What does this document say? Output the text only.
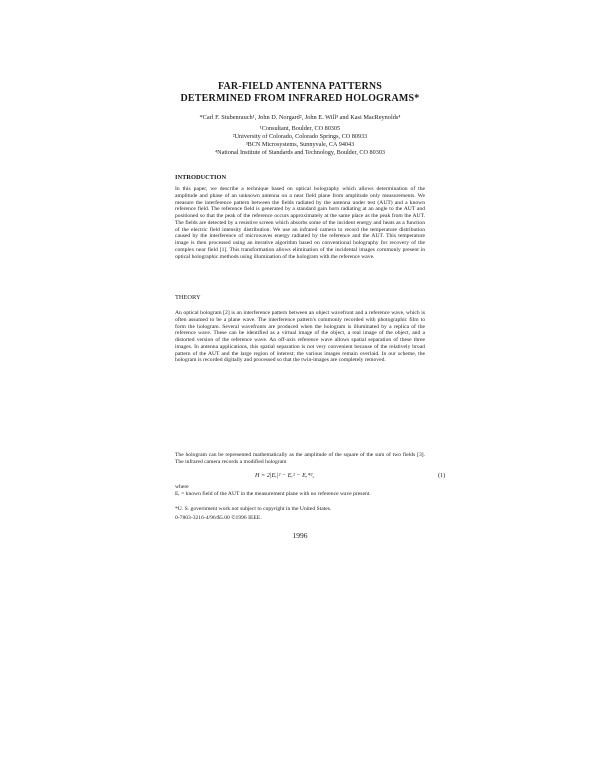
FAR-FIELD ANTENNA PATTERNS
DETERMINED FROM INFRARED HOLOGRAMS*
*Carl F. Stubenrauch¹, John D. Norgard², John E. Will³ and Kasi MacReynolds⁴
¹Consultant, Boulder, CO 80305
²University of Colorado, Colorado Springs, CO 80933
³BCN Microsystems, Sunnyvale, CA 94043
⁴National Institute of Standards and Technology, Boulder, CO 80303
INTRODUCTION

In this paper, we describe a technique based on optical holography which allows determination of the amplitude and phase of an unknown antenna on a near field plane from amplitude only measurements. We measure the interference pattern between the fields radiated by the antenna under test (AUT) and a known reference field. The reference field is generated by a standard gain horn radiating at an angle to the AUT and positioned so that the peak of the reference occurs approximately at the same place as the peak from the AUT. The fields are detected by a resistive screen which absorbs some of the incident energy and heats as a function of the electric field intensity distribution. We use an infrared camera to record the temperature distribution caused by the interference of microwaves energy radiated by the reference and the AUT. This temperature image is then processed using an iterative algorithm based on conventional holography for recovery of the complex near field [1]. This transformation allows elimination of the incidental images commonly present in optical holographic methods using illumination of the hologram with the reference wave.

THEORY

An optical hologram [2] is an interference pattern between an object wavefront and a reference wave, which is often assumed to be a plane wave. The interference pattern's commonly recorded with photographic film to form the hologram. Several wavefronts are produced when the hologram is illuminated by a replica of the reference wave. These can be identified as a virtual image of the object, a real image of the object, and a distorted version of the reference wave. An off-axis reference wave allows spatial separation of these three images. In antenna applications, this spatial separation is not very convenient because of the relatively broad pattern of the AUT and the large region of interest; the various images remain overlaid. In our scheme, the hologram is recorded digitally and processed so that the twin-images are completely removed.

The hologram can be represented mathematically as the amplitude of the square of the sum of two fields [3]. The infrared camera records a modified hologram

H = 2|Eᵣ|² − Eᵣ² − Eᵣ*²,	(1)
where
Eᵣ = known field of the AUT in the measurement plane with no reference wave present.
*U. S. government work not subject to copyright in the United States.
0-7803-3216-4/96/$5.00 ©1996 IEEE.
1996
